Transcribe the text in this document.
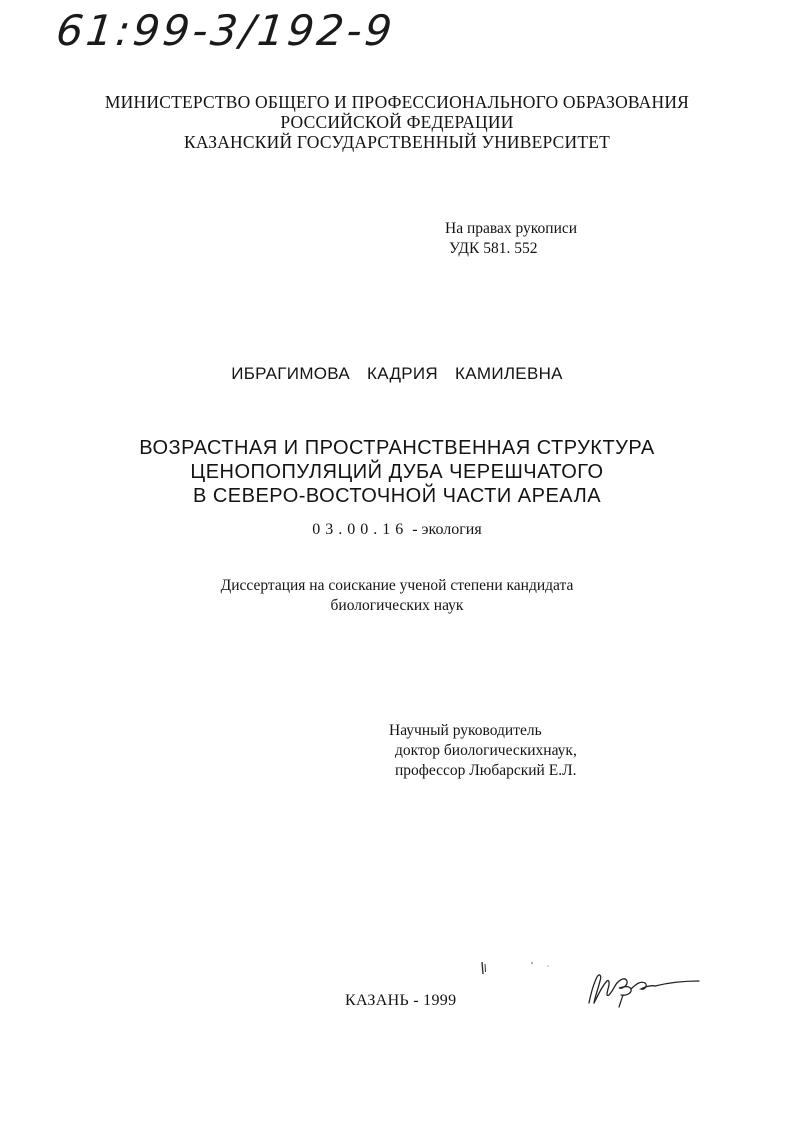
61:99-3/192-9
МИНИСТЕРСТВО ОБЩЕГО И ПРОФЕССИОНАЛЬНОГО ОБРАЗОВАНИЯ
РОССИЙСКОЙ ФЕДЕРАЦИИ
КАЗАНСКИЙ ГОСУДАРСТВЕННЫЙ УНИВЕРСИТЕТ
На правах рукописи
УДК 581. 552
ИБРАГИМОВА КАДРИЯ КАМИЛЕВНА
ВОЗРАСТНАЯ И ПРОСТРАНСТВЕННАЯ СТРУКТУРА
ЦЕНОПОПУЛЯЦИЙ ДУБА ЧЕРЕШЧАТОГО
В СЕВЕРО-ВОСТОЧНОЙ ЧАСТИ АРЕАЛА
03.00.16 - экология
Диссертация на соискание ученой степени кандидата
биологических наук
Научный руководитель
доктор биологическихнаук,
профессор Любарский Е.Л.
КАЗАНЬ - 1999
